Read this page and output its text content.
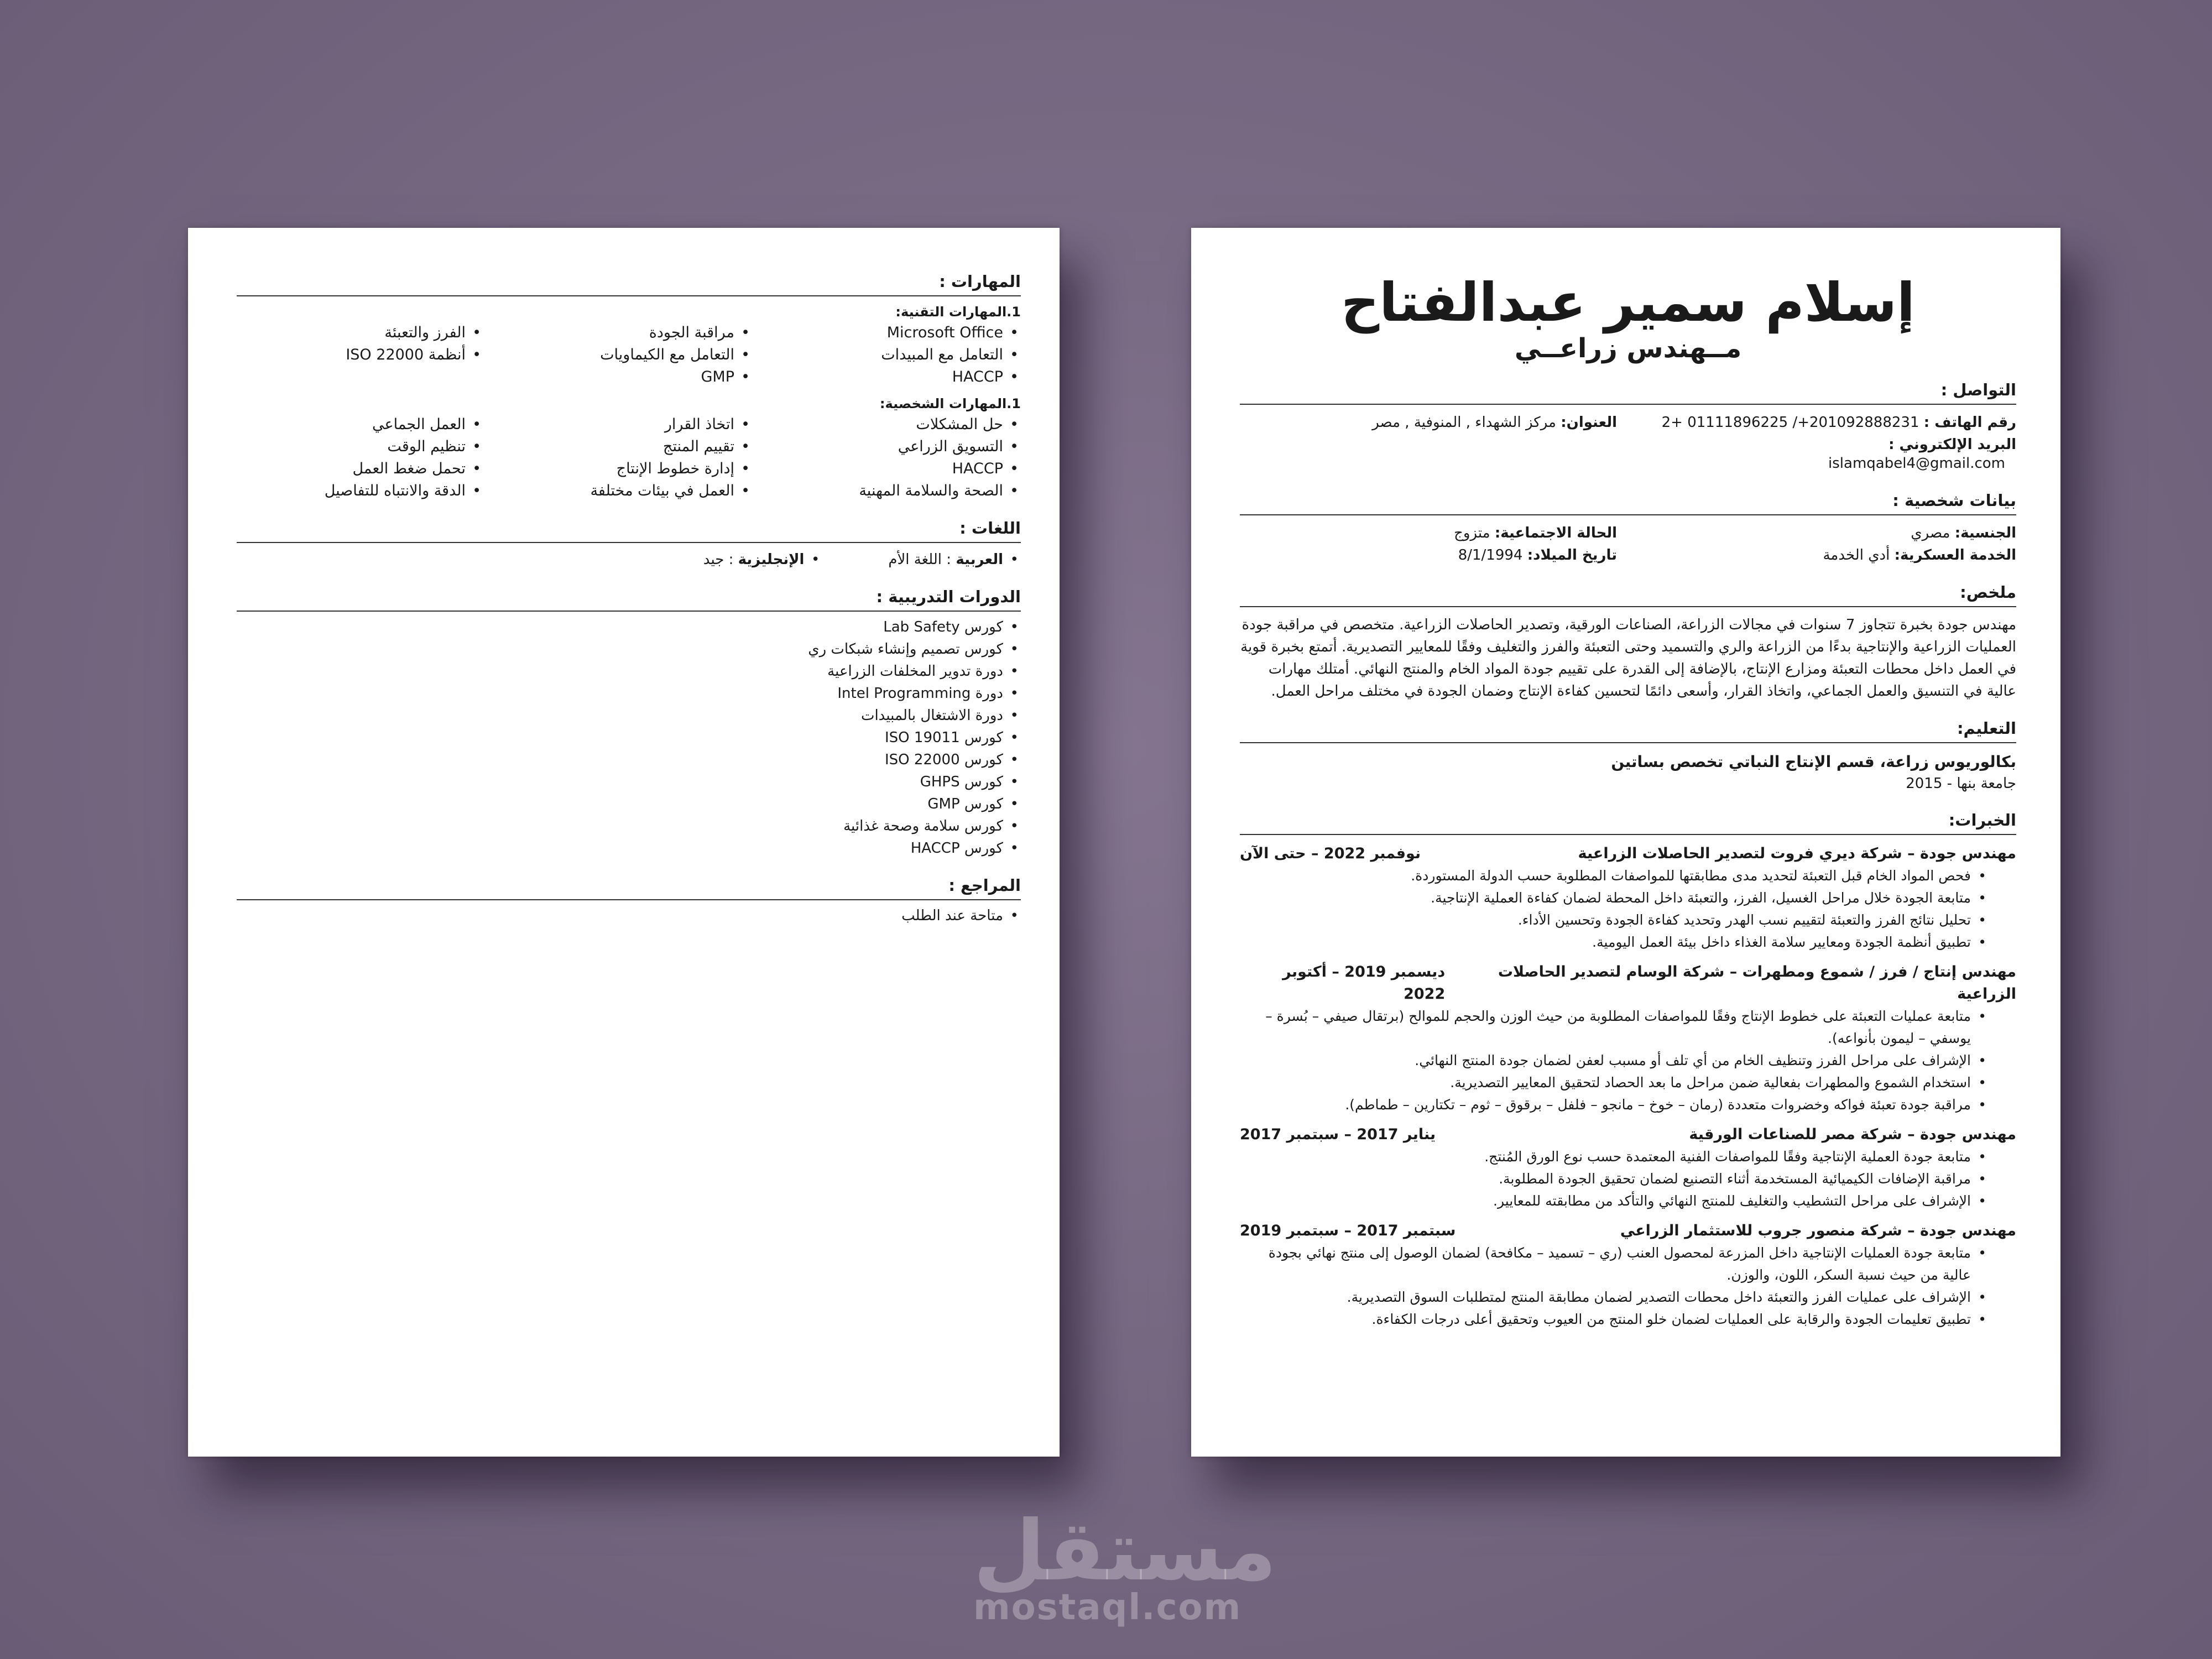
المهارات :
1.المهارات التقنية:
• Microsoft Office
• مراقبة الجودة
• الفرز والتعبئة
• التعامل مع المبيدات
• التعامل مع الكيماويات
• أنظمة ISO 22000
• HACCP
• GMP
1.المهارات الشخصية:
• حل المشكلات
• اتخاذ القرار
• العمل الجماعي
• التسويق الزراعي
• تقييم المنتج
• تنظيم الوقت
• HACCP
• إدارة خطوط الإنتاج
• تحمل ضغط العمل
• الصحة والسلامة المهنية
• العمل في بيئات مختلفة
• الدقة والانتباه للتفاصيل
اللغات :
• العربية : اللغة الأم
• الإنجليزية : جيد
الدورات التدريبية :
• كورس Lab Safety
• كورس تصميم وإنشاء شبكات ري
• دورة تدوير المخلفات الزراعية
• دورة Intel Programming
• دورة الاشتغال بالمبيدات
• كورس ISO 19011
• كورس ISO 22000
• كورس GHPS
• كورس GMP
• كورس سلامة وصحة غذائية
• كورس HACCP
المراجع :
• متاحة عند الطلب
إسلام سمير عبدالفتاح
مــهندس زراعــي
التواصل :
رقم الهاتف : 201092888231+/ 01111896225 +2
العنوان: مركز الشهداء , المنوفية , مصر
البريد الإلكتروني :
islamqabel4@gmail.com
بيانات شخصية :
الجنسية: مصري
الحالة الاجتماعية: متزوج
الخدمة العسكرية: أدي الخدمة
تاريخ الميلاد: 8/1/1994
ملخص:
مهندس جودة بخبرة تتجاوز 7 سنوات في مجالات الزراعة، الصناعات الورقية، وتصدير الحاصلات الزراعية. متخصص في مراقبة جودة العمليات الزراعية والإنتاجية بدءًا من الزراعة والري والتسميد وحتى التعبئة والفرز والتغليف وفقًا للمعايير التصديرية. أتمتع بخبرة قوية في العمل داخل محطات التعبئة ومزارع الإنتاج، بالإضافة إلى القدرة على تقييم جودة المواد الخام والمنتج النهائي. أمتلك مهارات عالية في التنسيق والعمل الجماعي، واتخاذ القرار، وأسعى دائمًا لتحسين كفاءة الإنتاج وضمان الجودة في مختلف مراحل العمل.
التعليم:
بكالوريوس زراعة، قسم الإنتاج النباتي تخصص بساتين
جامعة بنها - 2015
الخبرات:
مهندس جودة – شركة ديري فروت لتصدير الحاصلات الزراعية
نوفمبر 2022 – حتى الآن
• فحص المواد الخام قبل التعبئة لتحديد مدى مطابقتها للمواصفات المطلوبة حسب الدولة المستوردة.
• متابعة الجودة خلال مراحل الغسيل، الفرز، والتعبئة داخل المحطة لضمان كفاءة العملية الإنتاجية.
• تحليل نتائج الفرز والتعبئة لتقييم نسب الهدر وتحديد كفاءة الجودة وتحسين الأداء.
• تطبيق أنظمة الجودة ومعايير سلامة الغذاء داخل بيئة العمل اليومية.
مهندس إنتاج / فرز / شموع ومطهرات – شركة الوسام لتصدير الحاصلات الزراعية
ديسمبر 2019 – أكتوبر 2022
• متابعة عمليات التعبئة على خطوط الإنتاج وفقًا للمواصفات المطلوبة من حيث الوزن والحجم للموالح (برتقال صيفي – بُسرة – يوسفي – ليمون بأنواعه).
• الإشراف على مراحل الفرز وتنظيف الخام من أي تلف أو مسبب لعفن لضمان جودة المنتج النهائي.
• استخدام الشموع والمطهرات بفعالية ضمن مراحل ما بعد الحصاد لتحقيق المعايير التصديرية.
• مراقبة جودة تعبئة فواكه وخضروات متعددة (رمان – خوخ – مانجو – فلفل – برقوق – ثوم – تكتارين – طماطم).
مهندس جودة – شركة مصر للصناعات الورقية
يناير 2017 – سبتمبر 2017
• متابعة جودة العملية الإنتاجية وفقًا للمواصفات الفنية المعتمدة حسب نوع الورق المُنتج.
• مراقبة الإضافات الكيميائية المستخدمة أثناء التصنيع لضمان تحقيق الجودة المطلوبة.
• الإشراف على مراحل التشطيب والتغليف للمنتج النهائي والتأكد من مطابقته للمعايير.
مهندس جودة – شركة منصور جروب للاستثمار الزراعي
سبتمبر 2017 – سبتمبر 2019
• متابعة جودة العمليات الإنتاجية داخل المزرعة لمحصول العنب (ري – تسميد – مكافحة) لضمان الوصول إلى منتج نهائي بجودة عالية من حيث نسبة السكر، اللون، والوزن.
• الإشراف على عمليات الفرز والتعبئة داخل محطات التصدير لضمان مطابقة المنتج لمتطلبات السوق التصديرية.
• تطبيق تعليمات الجودة والرقابة على العمليات لضمان خلو المنتج من العيوب وتحقيق أعلى درجات الكفاءة.
مستقل
mostaql.com
